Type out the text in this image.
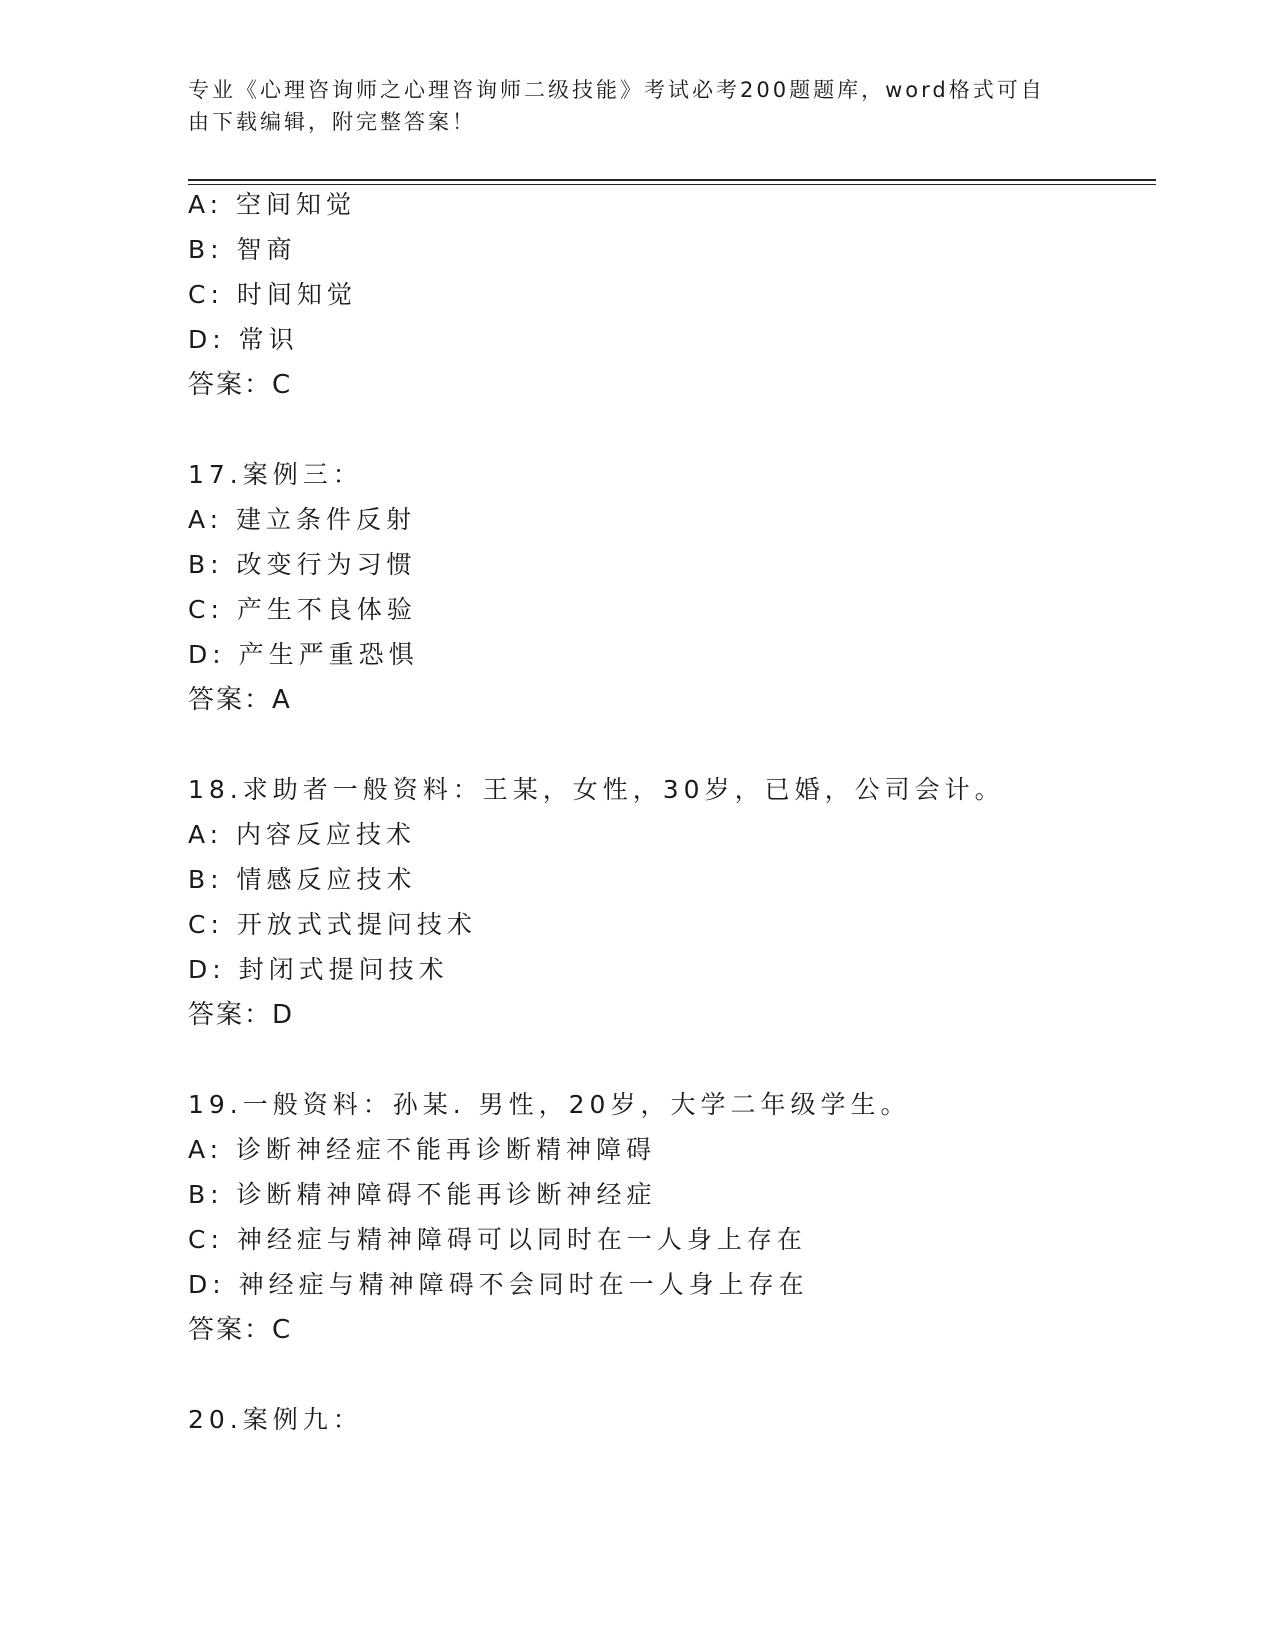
专业《心理咨询师之心理咨询师二级技能》考试必考200题题库，word格式可自
由下载编辑，附完整答案！
A: 空间知觉
B: 智商
C: 时间知觉
D: 常识
答案：C
17.案例三：
A: 建立条件反射
B: 改变行为习惯
C: 产生不良体验
D: 产生严重恐惧
答案：A
18.求助者一般资料：王某，女性，30岁，已婚，公司会计。
A: 内容反应技术
B: 情感反应技术
C: 开放式式提问技术
D: 封闭式提问技术
答案：D
19.一般资料：孙某. 男性，20岁，大学二年级学生。
A: 诊断神经症不能再诊断精神障碍
B: 诊断精神障碍不能再诊断神经症
C: 神经症与精神障碍可以同时在一人身上存在
D: 神经症与精神障碍不会同时在一人身上存在
答案：C
20.案例九：
